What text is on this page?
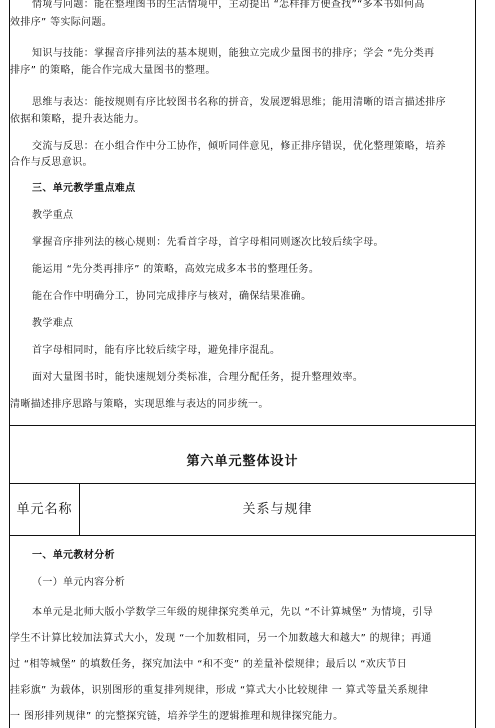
情境与问题：能在整理图书的生活情境中，主动提出 “怎样排方便查找”“多本书如何高

效排序” 等实际问题。

知识与技能：掌握音序排列法的基本规则，能独立完成少量图书的排序；学会 “先分类再

排序” 的策略，能合作完成大量图书的整理。

思维与表达：能按规则有序比较图书名称的拼音，发展逻辑思维；能用清晰的语言描述排序

依据和策略，提升表达能力。

交流与反思：在小组合作中分工协作，倾听同伴意见，修正排序错误，优化整理策略，培养

合作与反思意识。

三、单元教学重点难点

教学重点

掌握音序排列法的核心规则：先看首字母，首字母相同则逐次比较后续字母。

能运用 “先分类再排序” 的策略，高效完成多本书的整理任务。

能在合作中明确分工，协同完成排序与核对，确保结果准确。

教学难点

首字母相同时，能有序比较后续字母，避免排序混乱。

面对大量图书时，能快速规划分类标准，合理分配任务，提升整理效率。

清晰描述排序思路与策略，实现思维与表达的同步统一。

第六单元整体设计
单元名称	关系与规律

一、单元教材分析

（一）单元内容分析

本单元是北师大版小学数学三年级的规律探究类单元，先以 “不计算城堡” 为情境，引导

学生不计算比较加法算式大小，发现 “一个加数相同，另一个加数越大和越大” 的规律；再通

过 “相等城堡” 的填数任务，探究加法中 “和不变” 的差量补偿规律；最后以 “欢庆节日

挂彩旗” 为载体，识别图形的重复排列规律，形成 “算式大小比较规律 一 算式等量关系规律

一 图形排列规律” 的完整探究链，培养学生的逻辑推理和规律探究能力。
